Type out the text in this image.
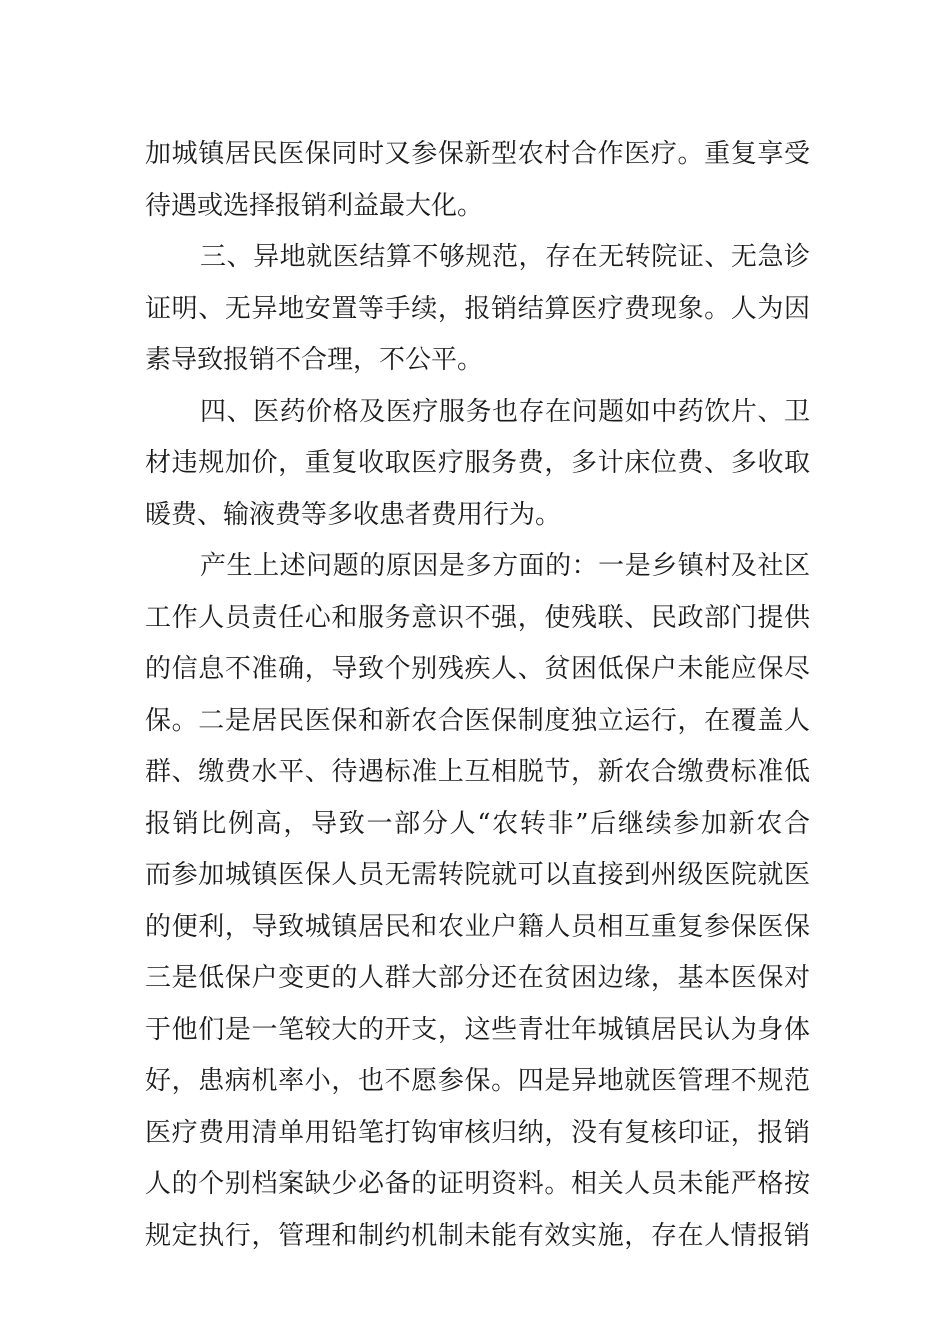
加城镇居民医保同时又参保新型农村合作医疗。重复享受
待遇或选择报销利益最大化。
三、异地就医结算不够规范，存在无转院证、无急诊
证明、无异地安置等手续，报销结算医疗费现象。人为因
素导致报销不合理，不公平。
四、医药价格及医疗服务也存在问题如中药饮片、卫
材违规加价，重复收取医疗服务费，多计床位费、多收取
暖费、输液费等多收患者费用行为。
产生上述问题的原因是多方面的：一是乡镇村及社区
工作人员责任心和服务意识不强，使残联、民政部门提供
的信息不准确，导致个别残疾人、贫困低保户未能应保尽
保。二是居民医保和新农合医保制度独立运行，在覆盖人
群、缴费水平、待遇标准上互相脱节，新农合缴费标准低
报销比例高，导致一部分人“农转非”后继续参加新农合
而参加城镇医保人员无需转院就可以直接到州级医院就医
的便利，导致城镇居民和农业户籍人员相互重复参保医保
三是低保户变更的人群大部分还在贫困边缘，基本医保对
于他们是一笔较大的开支，这些青壮年城镇居民认为身体
好，患病机率小，也不愿参保。四是异地就医管理不规范
医疗费用清单用铅笔打钩审核归纳，没有复核印证，报销
人的个别档案缺少必备的证明资料。相关人员未能严格按
规定执行，管理和制约机制未能有效实施，存在人情报销
